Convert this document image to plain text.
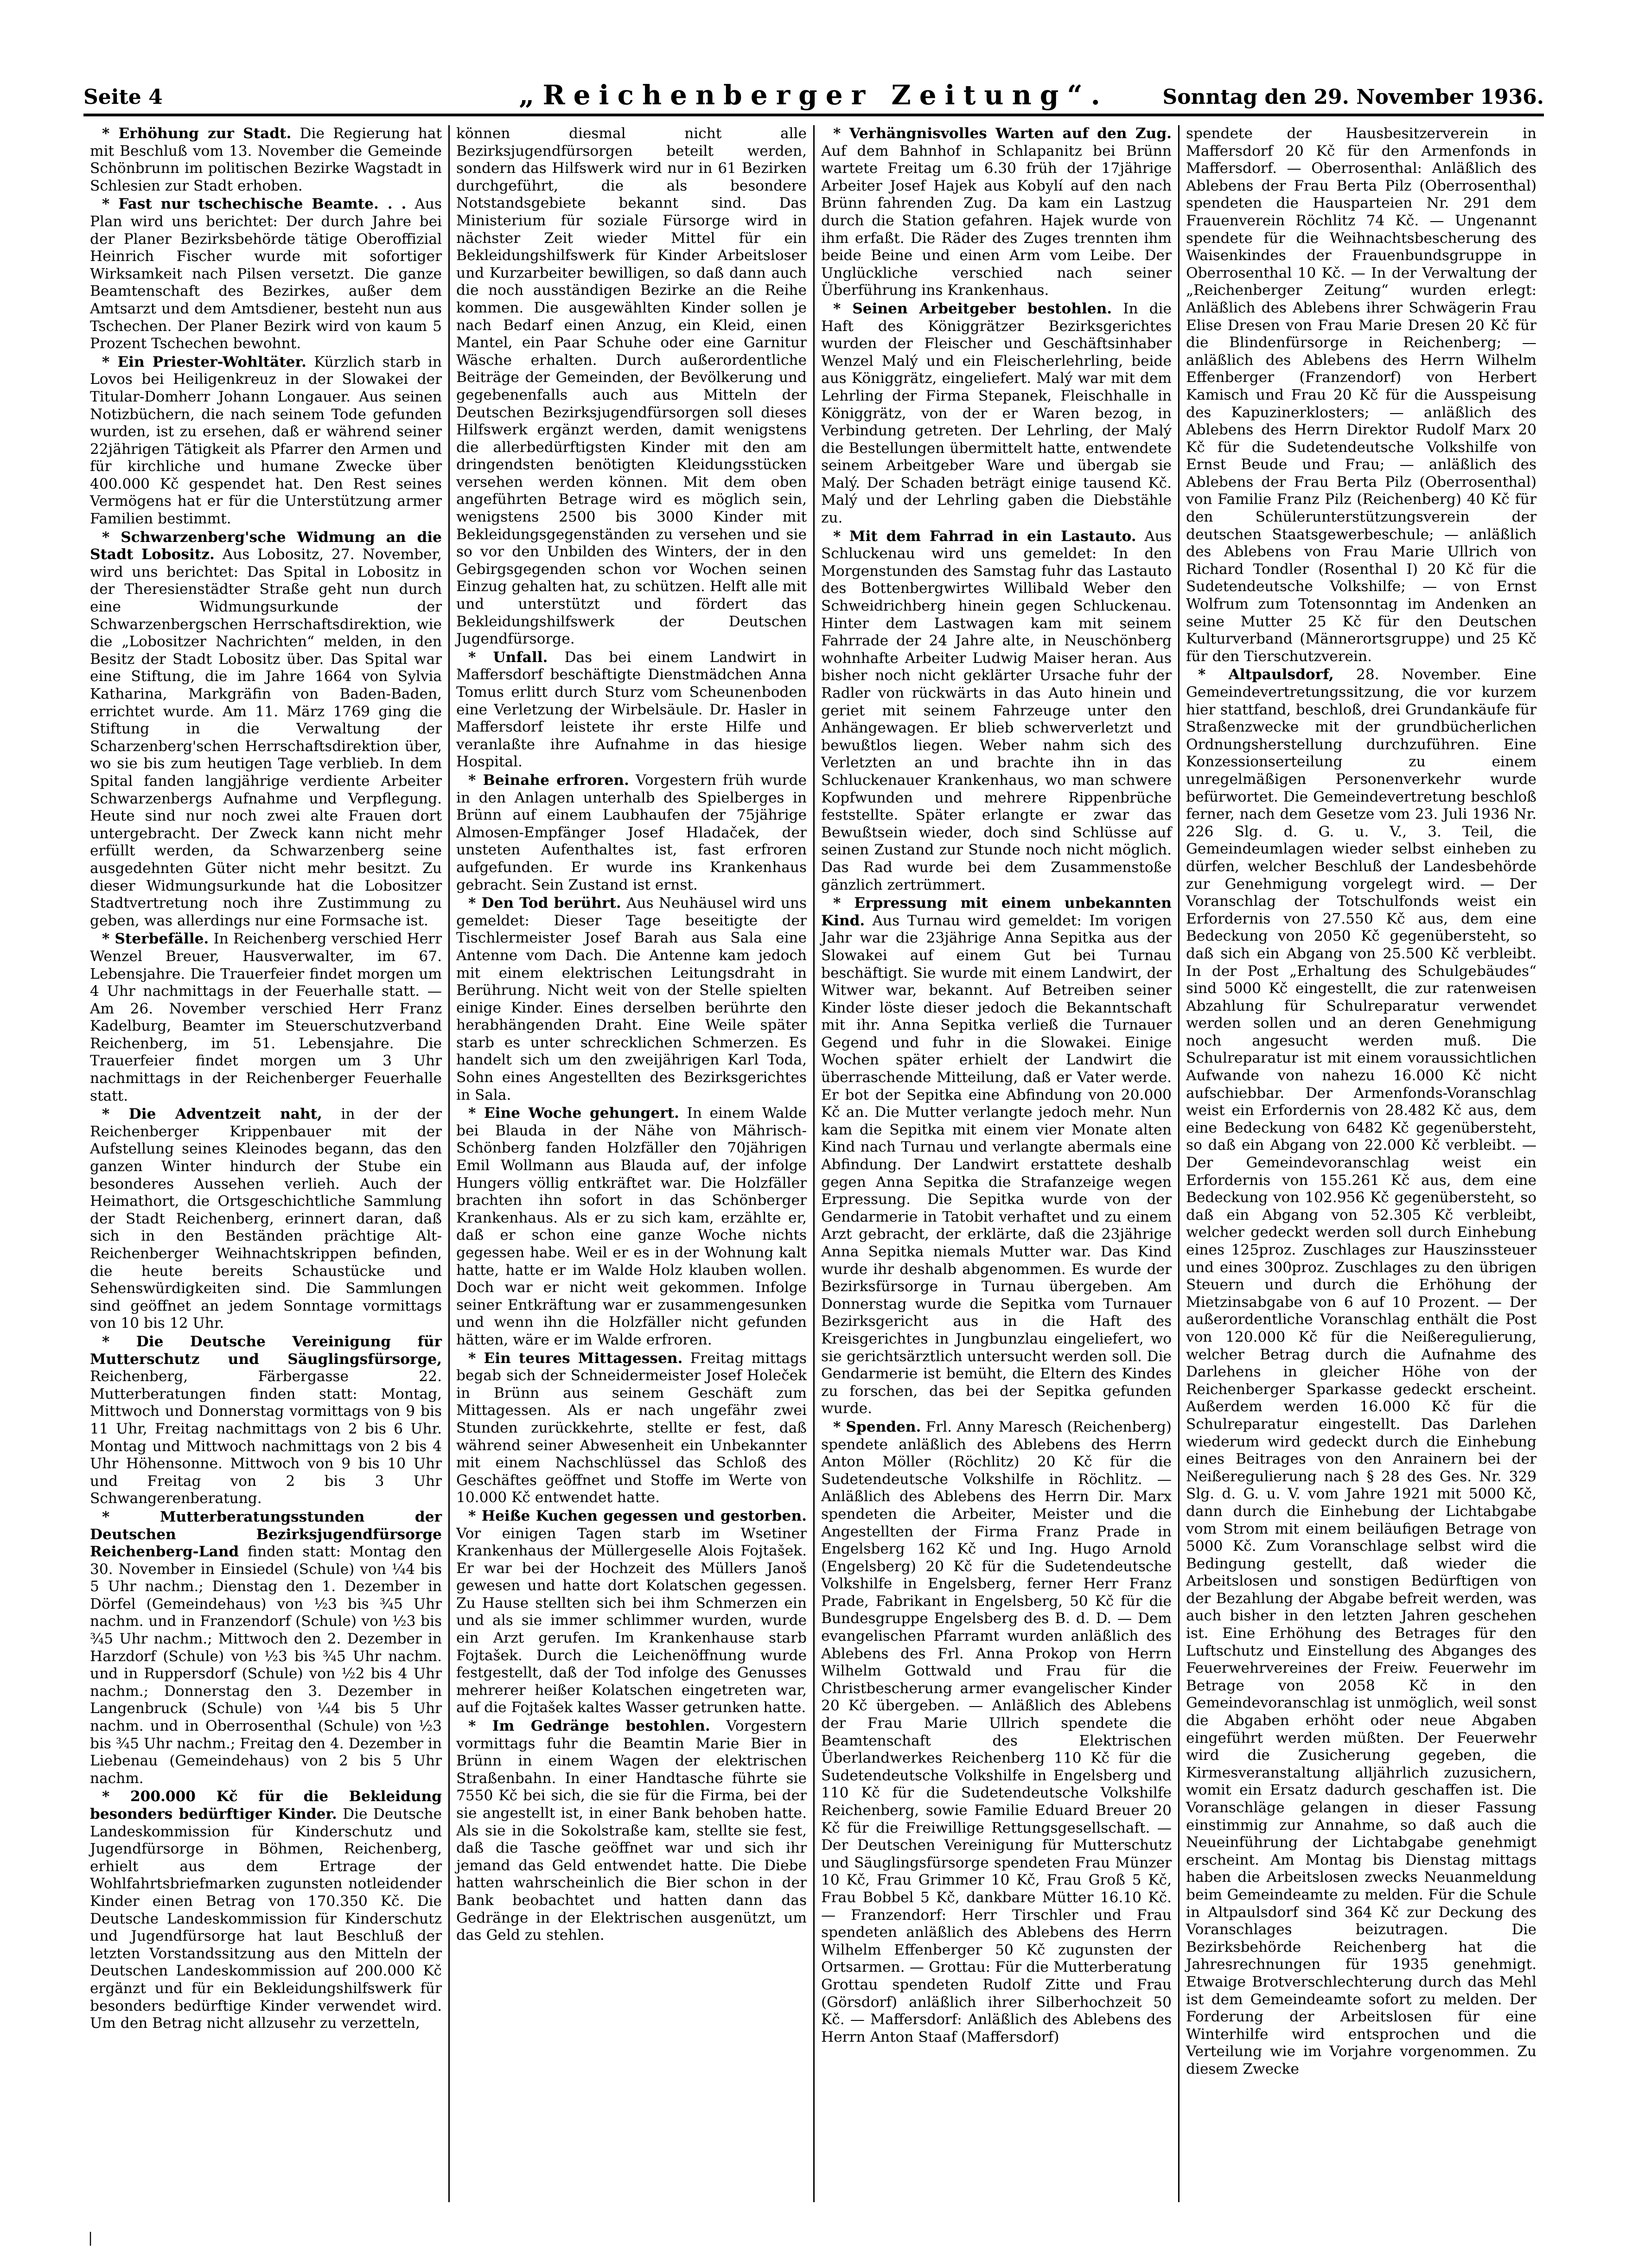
Seite 4	„Reichenberger Zeitung“.	Sonntag den 29. November 1936.

* Erhöhung zur Stadt. Die Regierung hat mit Beschluß vom 13. November die Gemeinde Schönbrunn im politischen Bezirke Wagstadt in Schlesien zur Stadt erhoben.

* Fast nur tschechische Beamte. . . Aus Plan wird uns berichtet: Der durch Jahre bei der Planer Bezirksbehörde tätige Oberoffizial Heinrich Fischer wurde mit sofortiger Wirksamkeit nach Pilsen versetzt. Die ganze Beamtenschaft des Bezirkes, außer dem Amtsarzt und dem Amtsdiener, besteht nun aus Tschechen. Der Planer Bezirk wird von kaum 5 Prozent Tschechen bewohnt.

* Ein Priester-Wohltäter. Kürzlich starb in Lovos bei Heiligenkreuz in der Slowakei der Titular-Domherr Johann Longauer. Aus seinen Notizbüchern, die nach seinem Tode gefunden wurden, ist zu ersehen, daß er während seiner 22jährigen Tätigkeit als Pfarrer den Armen und für kirchliche und humane Zwecke über 400.000 Kč gespendet hat. Den Rest seines Vermögens hat er für die Unterstützung armer Familien bestimmt.

* Schwarzenberg'sche Widmung an die Stadt Lobositz. Aus Lobositz, 27. November, wird uns berichtet: Das Spital in Lobositz in der Theresienstädter Straße geht nun durch eine Widmungsurkunde der Schwarzenbergschen Herrschaftsdirektion, wie die „Lobositzer Nachrichten“ melden, in den Besitz der Stadt Lobositz über. Das Spital war eine Stiftung, die im Jahre 1664 von Sylvia Katharina, Markgräfin von Baden-Baden, errichtet wurde. Am 11. März 1769 ging die Stiftung in die Verwaltung der Scharzenberg'schen Herrschaftsdirektion über, wo sie bis zum heutigen Tage verblieb. In dem Spital fanden langjährige verdiente Arbeiter Schwarzenbergs Aufnahme und Verpflegung. Heute sind nur noch zwei alte Frauen dort untergebracht. Der Zweck kann nicht mehr erfüllt werden, da Schwarzenberg seine ausgedehnten Güter nicht mehr besitzt. Zu dieser Widmungsurkunde hat die Lobositzer Stadtvertretung noch ihre Zustimmung zu geben, was allerdings nur eine Formsache ist.

* Sterbefälle. In Reichenberg verschied Herr Wenzel Breuer, Hausverwalter, im 67. Lebensjahre. Die Trauerfeier findet morgen um 4 Uhr nachmittags in der Feuerhalle statt. — Am 26. November verschied Herr Franz Kadelburg, Beamter im Steuerschutzverband Reichenberg, im 51. Lebensjahre. Die Trauerfeier findet morgen um 3 Uhr nachmittags in der Reichenberger Feuerhalle statt.

* Die Adventzeit naht, in der der Reichenberger Krippenbauer mit der Aufstellung seines Kleinodes begann, das den ganzen Winter hindurch der Stube ein besonderes Aussehen verlieh. Auch der Heimathort, die Ortsgeschichtliche Sammlung der Stadt Reichenberg, erinnert daran, daß sich in den Beständen prächtige Alt-Reichenberger Weihnachtskrippen befinden, die heute bereits Schaustücke und Sehenswürdigkeiten sind. Die Sammlungen sind geöffnet an jedem Sonntage vormittags von 10 bis 12 Uhr.

* Die Deutsche Vereinigung für Mutterschutz und Säuglingsfürsorge, Reichenberg, Färbergasse 22. Mutterberatungen finden statt: Montag, Mittwoch und Donnerstag vormittags von 9 bis 11 Uhr, Freitag nachmittags von 2 bis 6 Uhr. Montag und Mittwoch nachmittags von 2 bis 4 Uhr Höhensonne. Mittwoch von 9 bis 10 Uhr und Freitag von 2 bis 3 Uhr Schwangerenberatung.

* Mutterberatungsstunden der Deutschen Bezirksjugendfürsorge Reichenberg-Land finden statt: Montag den 30. November in Einsiedel (Schule) von ¼4 bis 5 Uhr nachm.; Dienstag den 1. Dezember in Dörfel (Gemeindehaus) von ½3 bis ¾5 Uhr nachm. und in Franzendorf (Schule) von ½3 bis ¾5 Uhr nachm.; Mittwoch den 2. Dezember in Harzdorf (Schule) von ½3 bis ¾5 Uhr nachm. und in Ruppersdorf (Schule) von ½2 bis 4 Uhr nachm.; Donnerstag den 3. Dezember in Langenbruck (Schule) von ¼4 bis 5 Uhr nachm. und in Oberrosenthal (Schule) von ½3 bis ¾5 Uhr nachm.; Freitag den 4. Dezember in Liebenau (Gemeindehaus) von 2 bis 5 Uhr nachm.

* 200.000 Kč für die Bekleidung besonders bedürftiger Kinder. Die Deutsche Landeskommission für Kinderschutz und Jugendfürsorge in Böhmen, Reichenberg, erhielt aus dem Ertrage der Wohlfahrtsbriefmarken zugunsten notleidender Kinder einen Betrag von 170.350 Kč. Die Deutsche Landeskommission für Kinderschutz und Jugendfürsorge hat laut Beschluß der letzten Vorstandssitzung aus den Mitteln der Deutschen Landeskommission auf 200.000 Kč ergänzt und für ein Bekleidungshilfswerk für besonders bedürftige Kinder verwendet wird. Um den Betrag nicht allzusehr zu verzetteln,

können diesmal nicht alle Bezirksjugendfürsorgen beteilt werden, sondern das Hilfswerk wird nur in 61 Bezirken durchgeführt, die als besondere Notstandsgebiete bekannt sind. Das Ministerium für soziale Fürsorge wird in nächster Zeit wieder Mittel für ein Bekleidungshilfswerk für Kinder Arbeitsloser und Kurzarbeiter bewilligen, so daß dann auch die noch ausständigen Bezirke an die Reihe kommen. Die ausgewählten Kinder sollen je nach Bedarf einen Anzug, ein Kleid, einen Mantel, ein Paar Schuhe oder eine Garnitur Wäsche erhalten. Durch außerordentliche Beiträge der Gemeinden, der Bevölkerung und gegebenenfalls auch aus Mitteln der Deutschen Bezirksjugendfürsorgen soll dieses Hilfswerk ergänzt werden, damit wenigstens die allerbedürftigsten Kinder mit den am dringendsten benötigten Kleidungsstücken versehen werden können. Mit dem oben angeführten Betrage wird es möglich sein, wenigstens 2500 bis 3000 Kinder mit Bekleidungsgegenständen zu versehen und sie so vor den Unbilden des Winters, der in den Gebirgsgegenden schon vor Wochen seinen Einzug gehalten hat, zu schützen. Helft alle mit und unterstützt und fördert das Bekleidungshilfswerk der Deutschen Jugendfürsorge.

* Unfall. Das bei einem Landwirt in Maffersdorf beschäftigte Dienstmädchen Anna Tomus erlitt durch Sturz vom Scheunenboden eine Verletzung der Wirbelsäule. Dr. Hasler in Maffersdorf leistete ihr erste Hilfe und veranlaßte ihre Aufnahme in das hiesige Hospital.

* Beinahe erfroren. Vorgestern früh wurde in den Anlagen unterhalb des Spielberges in Brünn auf einem Laubhaufen der 75jährige Almosen-Empfänger Josef Hladaček, der unsteten Aufenthaltes ist, fast erfroren aufgefunden. Er wurde ins Krankenhaus gebracht. Sein Zustand ist ernst.

* Den Tod berührt. Aus Neuhäusel wird uns gemeldet: Dieser Tage beseitigte der Tischlermeister Josef Barah aus Sala eine Antenne vom Dach. Die Antenne kam jedoch mit einem elektrischen Leitungsdraht in Berührung. Nicht weit von der Stelle spielten einige Kinder. Eines derselben berührte den herabhängenden Draht. Eine Weile später starb es unter schrecklichen Schmerzen. Es handelt sich um den zweijährigen Karl Toda, Sohn eines Angestellten des Bezirksgerichtes in Sala.

* Eine Woche gehungert. In einem Walde bei Blauda in der Nähe von Mährisch-Schönberg fanden Holzfäller den 70jährigen Emil Wollmann aus Blauda auf, der infolge Hungers völlig entkräftet war. Die Holzfäller brachten ihn sofort in das Schönberger Krankenhaus. Als er zu sich kam, erzählte er, daß er schon eine ganze Woche nichts gegessen habe. Weil er es in der Wohnung kalt hatte, hatte er im Walde Holz klauben wollen. Doch war er nicht weit gekommen. Infolge seiner Entkräftung war er zusammengesunken und wenn ihn die Holzfäller nicht gefunden hätten, wäre er im Walde erfroren.

* Ein teures Mittagessen. Freitag mittags begab sich der Schneidermeister Josef Holeček in Brünn aus seinem Geschäft zum Mittagessen. Als er nach ungefähr zwei Stunden zurückkehrte, stellte er fest, daß während seiner Abwesenheit ein Unbekannter mit einem Nachschlüssel das Schloß des Geschäftes geöffnet und Stoffe im Werte von 10.000 Kč entwendet hatte.

* Heiße Kuchen gegessen und gestorben. Vor einigen Tagen starb im Wsetiner Krankenhaus der Müllergeselle Alois Fojtašek. Er war bei der Hochzeit des Müllers Janoš gewesen und hatte dort Kolatschen gegessen. Zu Hause stellten sich bei ihm Schmerzen ein und als sie immer schlimmer wurden, wurde ein Arzt gerufen. Im Krankenhause starb Fojtašek. Durch die Leichenöffnung wurde festgestellt, daß der Tod infolge des Genusses mehrerer heißer Kolatschen eingetreten war, auf die Fojtašek kaltes Wasser getrunken hatte.

* Im Gedränge bestohlen. Vorgestern vormittags fuhr die Beamtin Marie Bier in Brünn in einem Wagen der elektrischen Straßenbahn. In einer Handtasche führte sie 7550 Kč bei sich, die sie für die Firma, bei der sie angestellt ist, in einer Bank behoben hatte. Als sie in die Sokolstraße kam, stellte sie fest, daß die Tasche geöffnet war und sich ihr jemand das Geld entwendet hatte. Die Diebe hatten wahrscheinlich die Bier schon in der Bank beobachtet und hatten dann das Gedränge in der Elektrischen ausgenützt, um das Geld zu stehlen.

* Verhängnisvolles Warten auf den Zug. Auf dem Bahnhof in Schlapanitz bei Brünn wartete Freitag um 6.30 früh der 17jährige Arbeiter Josef Hajek aus Kobylí auf den nach Brünn fahrenden Zug. Da kam ein Lastzug durch die Station gefahren. Hajek wurde von ihm erfaßt. Die Räder des Zuges trennten ihm beide Beine und einen Arm vom Leibe. Der Unglückliche verschied nach seiner Überführung ins Krankenhaus.

* Seinen Arbeitgeber bestohlen. In die Haft des Königgrätzer Bezirksgerichtes wurden der Fleischer und Geschäftsinhaber Wenzel Malý und ein Fleischerlehrling, beide aus Königgrätz, eingeliefert. Malý war mit dem Lehrling der Firma Stepanek, Fleischhalle in Königgrätz, von der er Waren bezog, in Verbindung getreten. Der Lehrling, der Malý die Bestellungen übermittelt hatte, entwendete seinem Arbeitgeber Ware und übergab sie Malý. Der Schaden beträgt einige tausend Kč. Malý und der Lehrling gaben die Diebstähle zu.

* Mit dem Fahrrad in ein Lastauto. Aus Schluckenau wird uns gemeldet: In den Morgenstunden des Samstag fuhr das Lastauto des Bottenbergwirtes Willibald Weber den Schweidrichberg hinein gegen Schluckenau. Hinter dem Lastwagen kam mit seinem Fahrrade der 24 Jahre alte, in Neuschönberg wohnhafte Arbeiter Ludwig Maiser heran. Aus bisher noch nicht geklärter Ursache fuhr der Radler von rückwärts in das Auto hinein und geriet mit seinem Fahrzeuge unter den Anhängewagen. Er blieb schwerverletzt und bewußtlos liegen. Weber nahm sich des Verletzten an und brachte ihn in das Schluckenauer Krankenhaus, wo man schwere Kopfwunden und mehrere Rippenbrüche feststellte. Später erlangte er zwar das Bewußtsein wieder, doch sind Schlüsse auf seinen Zustand zur Stunde noch nicht möglich. Das Rad wurde bei dem Zusammenstoße gänzlich zertrümmert.

* Erpressung mit einem unbekannten Kind. Aus Turnau wird gemeldet: Im vorigen Jahr war die 23jährige Anna Sepitka aus der Slowakei auf einem Gut bei Turnau beschäftigt. Sie wurde mit einem Landwirt, der Witwer war, bekannt. Auf Betreiben seiner Kinder löste dieser jedoch die Bekanntschaft mit ihr. Anna Sepitka verließ die Turnauer Gegend und fuhr in die Slowakei. Einige Wochen später erhielt der Landwirt die überraschende Mitteilung, daß er Vater werde. Er bot der Sepitka eine Abfindung von 20.000 Kč an. Die Mutter verlangte jedoch mehr. Nun kam die Sepitka mit einem vier Monate alten Kind nach Turnau und verlangte abermals eine Abfindung. Der Landwirt erstattete deshalb gegen Anna Sepitka die Strafanzeige wegen Erpressung. Die Sepitka wurde von der Gendarmerie in Tatobit verhaftet und zu einem Arzt gebracht, der erklärte, daß die 23jährige Anna Sepitka niemals Mutter war. Das Kind wurde ihr deshalb abgenommen. Es wurde der Bezirksfürsorge in Turnau übergeben. Am Donnerstag wurde die Sepitka vom Turnauer Bezirksgericht aus in die Haft des Kreisgerichtes in Jungbunzlau eingeliefert, wo sie gerichtsärztlich untersucht werden soll. Die Gendarmerie ist bemüht, die Eltern des Kindes zu forschen, das bei der Sepitka gefunden wurde.

* Spenden. Frl. Anny Maresch (Reichenberg) spendete anläßlich des Ablebens des Herrn Anton Möller (Röchlitz) 20 Kč für die Sudetendeutsche Volkshilfe in Röchlitz. — Anläßlich des Ablebens des Herrn Dir. Marx spendeten die Arbeiter, Meister und die Angestellten der Firma Franz Prade in Engelsberg 162 Kč und Ing. Hugo Arnold (Engelsberg) 20 Kč für die Sudetendeutsche Volkshilfe in Engelsberg, ferner Herr Franz Prade, Fabrikant in Engelsberg, 50 Kč für die Bundesgruppe Engelsberg des B. d. D. — Dem evangelischen Pfarramt wurden anläßlich des Ablebens des Frl. Anna Prokop von Herrn Wilhelm Gottwald und Frau für die Christbescherung armer evangelischer Kinder 20 Kč übergeben. — Anläßlich des Ablebens der Frau Marie Ullrich spendete die Beamtenschaft des Elektrischen Überlandwerkes Reichenberg 110 Kč für die Sudetendeutsche Volkshilfe in Engelsberg und 110 Kč für die Sudetendeutsche Volkshilfe Reichenberg, sowie Familie Eduard Breuer 20 Kč für die Freiwillige Rettungsgesellschaft. — Der Deutschen Vereinigung für Mutterschutz und Säuglingsfürsorge spendeten Frau Münzer 10 Kč, Frau Grimmer 10 Kč, Frau Groß 5 Kč, Frau Bobbel 5 Kč, dankbare Mütter 16.10 Kč. — Franzendorf: Herr Tirschler und Frau spendeten anläßlich des Ablebens des Herrn Wilhelm Effenberger 50 Kč zugunsten der Ortsarmen. — Grottau: Für die Mutterberatung Grottau spendeten Rudolf Zitte und Frau (Görsdorf) anläßlich ihrer Silberhochzeit 50 Kč. — Maffersdorf: Anläßlich des Ablebens des Herrn Anton Staaf (Maffersdorf)

spendete der Hausbesitzerverein in Maffersdorf 20 Kč für den Armenfonds in Maffersdorf. — Oberrosenthal: Anläßlich des Ablebens der Frau Berta Pilz (Oberrosenthal) spendeten die Hausparteien Nr. 291 dem Frauenverein Röchlitz 74 Kč. — Ungenannt spendete für die Weihnachtsbescherung des Waisenkindes der Frauenbundsgruppe in Oberrosenthal 10 Kč. — In der Verwaltung der „Reichenberger Zeitung“ wurden erlegt: Anläßlich des Ablebens ihrer Schwägerin Frau Elise Dresen von Frau Marie Dresen 20 Kč für die Blindenfürsorge in Reichenberg; — anläßlich des Ablebens des Herrn Wilhelm Effenberger (Franzendorf) von Herbert Kamisch und Frau 20 Kč für die Ausspeisung des Kapuzinerklosters; — anläßlich des Ablebens des Herrn Direktor Rudolf Marx 20 Kč für die Sudetendeutsche Volkshilfe von Ernst Beude und Frau; — anläßlich des Ablebens der Frau Berta Pilz (Oberrosenthal) von Familie Franz Pilz (Reichenberg) 40 Kč für den Schülerunterstützungsverein der deutschen Staatsgewerbeschule; — anläßlich des Ablebens von Frau Marie Ullrich von Richard Tondler (Rosenthal I) 20 Kč für die Sudetendeutsche Volkshilfe; — von Ernst Wolfrum zum Totensonntag im Andenken an seine Mutter 25 Kč für den Deutschen Kulturverband (Männerortsgruppe) und 25 Kč für den Tierschutzverein.

* Altpaulsdorf, 28. November. Eine Gemeindevertretungssitzung, die vor kurzem hier stattfand, beschloß, drei Grundankäufe für Straßenzwecke mit der grundbücherlichen Ordnungsherstellung durchzuführen. Eine Konzessionserteilung zu einem unregelmäßigen Personenverkehr wurde befürwortet. Die Gemeindevertretung beschloß ferner, nach dem Gesetze vom 23. Juli 1936 Nr. 226 Slg. d. G. u. V., 3. Teil, die Gemeindeumlagen wieder selbst einheben zu dürfen, welcher Beschluß der Landesbehörde zur Genehmigung vorgelegt wird. — Der Voranschlag der Totschulfonds weist ein Erfordernis von 27.550 Kč aus, dem eine Bedeckung von 2050 Kč gegenübersteht, so daß sich ein Abgang von 25.500 Kč verbleibt. In der Post „Erhaltung des Schulgebäudes“ sind 5000 Kč eingestellt, die zur ratenweisen Abzahlung für Schulreparatur verwendet werden sollen und an deren Genehmigung noch angesucht werden muß. Die Schulreparatur ist mit einem voraussichtlichen Aufwande von nahezu 16.000 Kč nicht aufschiebbar. Der Armenfonds-Voranschlag weist ein Erfordernis von 28.482 Kč aus, dem eine Bedeckung von 6482 Kč gegenübersteht, so daß ein Abgang von 22.000 Kč verbleibt. — Der Gemeindevoranschlag weist ein Erfordernis von 155.261 Kč aus, dem eine Bedeckung von 102.956 Kč gegenübersteht, so daß ein Abgang von 52.305 Kč verbleibt, welcher gedeckt werden soll durch Einhebung eines 125proz. Zuschlages zur Hauszinssteuer und eines 300proz. Zuschlages zu den übrigen Steuern und durch die Erhöhung der Mietzinsabgabe von 6 auf 10 Prozent. — Der außerordentliche Voranschlag enthält die Post von 120.000 Kč für die Neißeregulierung, welcher Betrag durch die Aufnahme des Darlehens in gleicher Höhe von der Reichenberger Sparkasse gedeckt erscheint. Außerdem werden 16.000 Kč für die Schulreparatur eingestellt. Das Darlehen wiederum wird gedeckt durch die Einhebung eines Beitrages von den Anrainern bei der Neißeregulierung nach § 28 des Ges. Nr. 329 Slg. d. G. u. V. vom Jahre 1921 mit 5000 Kč, dann durch die Einhebung der Lichtabgabe vom Strom mit einem beiläufigen Betrage von 5000 Kč. Zum Voranschlage selbst wird die Bedingung gestellt, daß wieder die Arbeitslosen und sonstigen Bedürftigen von der Bezahlung der Abgabe befreit werden, was auch bisher in den letzten Jahren geschehen ist. Eine Erhöhung des Betrages für den Luftschutz und Einstellung des Abganges des Feuerwehrvereines der Freiw. Feuerwehr im Betrage von 2058 Kč in den Gemeindevoranschlag ist unmöglich, weil sonst die Abgaben erhöht oder neue Abgaben eingeführt werden müßten. Der Feuerwehr wird die Zusicherung gegeben, die Kirmesveranstaltung alljährlich zuzusichern, womit ein Ersatz dadurch geschaffen ist. Die Voranschläge gelangen in dieser Fassung einstimmig zur Annahme, so daß auch die Neueinführung der Lichtabgabe genehmigt erscheint. Am Montag bis Dienstag mittags haben die Arbeitslosen zwecks Neuanmeldung beim Gemeindeamte zu melden. Für die Schule in Altpaulsdorf sind 364 Kč zur Deckung des Voranschlages beizutragen. Die Bezirksbehörde Reichenberg hat die Jahresrechnungen für 1935 genehmigt. Etwaige Brotverschlechterung durch das Mehl ist dem Gemeindeamte sofort zu melden. Der Forderung der Arbeitslosen für eine Winterhilfe wird entsprochen und die Verteilung wie im Vorjahre vorgenommen. Zu diesem Zwecke

|
